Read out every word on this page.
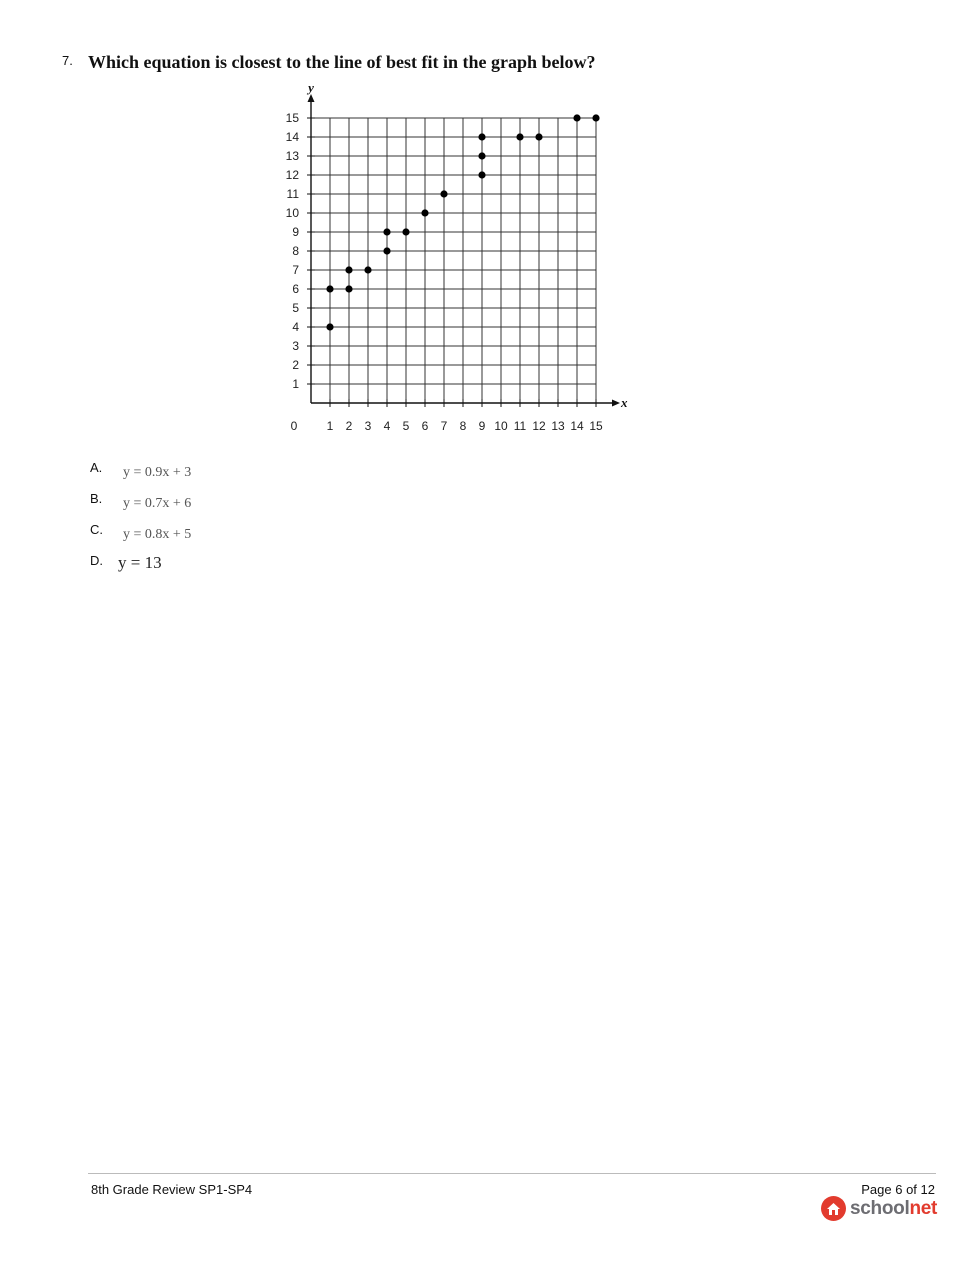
7. Which equation is closest to the line of best fit in the graph below?
1 2 3 4 5 6 7 8 9 10 11 12 13 14 15
1
2
3
4
5
6
7
8
9
10
11
12
13
14
15
0
x
y
A. y = 0.9x + 3
B. y = 0.7x + 6
C. y = 0.8x + 5
D. y = 13
8th Grade Review SP1-SP4	Page 6 of 12
schoolnet
